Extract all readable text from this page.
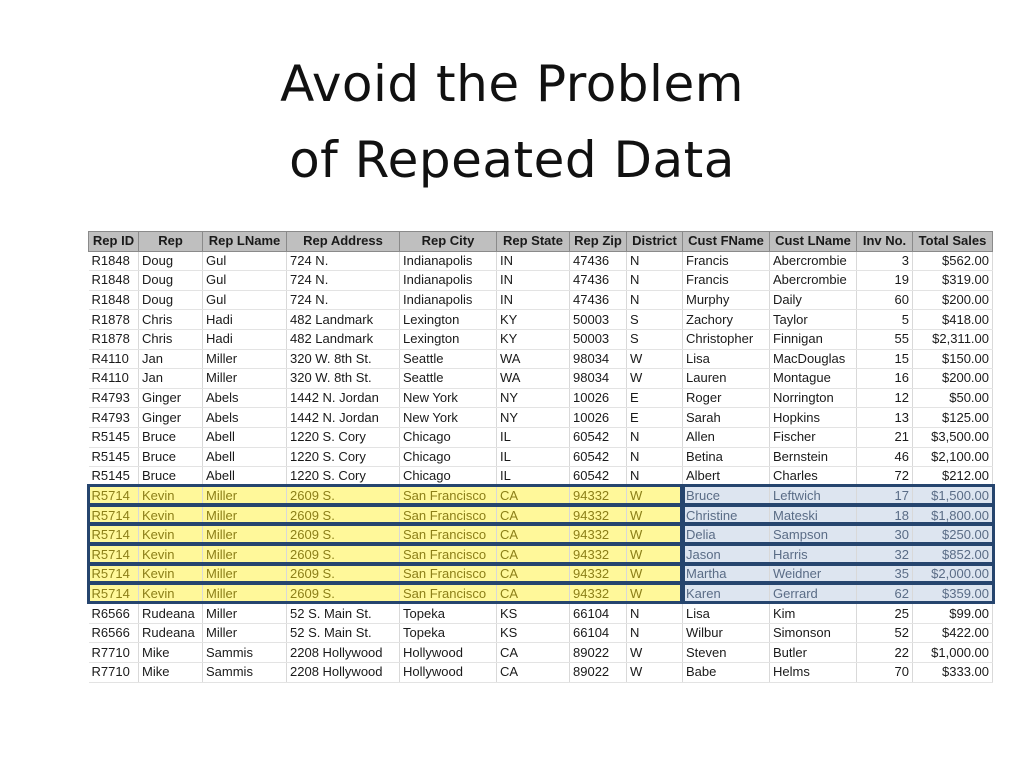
Avoid the Problem
of Repeated Data
Rep ID	Rep	Rep LName	Rep Address	Rep City	Rep State	Rep Zip	District	Cust FName	Cust LName	Inv No.	Total Sales
R1848	Doug	Gul	724 N.	Indianapolis	IN	47436	N	Francis	Abercrombie	3	$562.00
R1848	Doug	Gul	724 N.	Indianapolis	IN	47436	N	Francis	Abercrombie	19	$319.00
R1848	Doug	Gul	724 N.	Indianapolis	IN	47436	N	Murphy	Daily	60	$200.00
R1878	Chris	Hadi	482 Landmark	Lexington	KY	50003	S	Zachory	Taylor	5	$418.00
R1878	Chris	Hadi	482 Landmark	Lexington	KY	50003	S	Christopher	Finnigan	55	$2,311.00
R4110	Jan	Miller	320 W. 8th St.	Seattle	WA	98034	W	Lisa	MacDouglas	15	$150.00
R4110	Jan	Miller	320 W. 8th St.	Seattle	WA	98034	W	Lauren	Montague	16	$200.00
R4793	Ginger	Abels	1442 N. Jordan	New York	NY	10026	E	Roger	Norrington	12	$50.00
R4793	Ginger	Abels	1442 N. Jordan	New York	NY	10026	E	Sarah	Hopkins	13	$125.00
R5145	Bruce	Abell	1220 S. Cory	Chicago	IL	60542	N	Allen	Fischer	21	$3,500.00
R5145	Bruce	Abell	1220 S. Cory	Chicago	IL	60542	N	Betina	Bernstein	46	$2,100.00
R5145	Bruce	Abell	1220 S. Cory	Chicago	IL	60542	N	Albert	Charles	72	$212.00
R5714	Kevin	Miller	2609 S.	San Francisco	CA	94332	W	Bruce	Leftwich	17	$1,500.00
R5714	Kevin	Miller	2609 S.	San Francisco	CA	94332	W	Christine	Mateski	18	$1,800.00
R5714	Kevin	Miller	2609 S.	San Francisco	CA	94332	W	Delia	Sampson	30	$250.00
R5714	Kevin	Miller	2609 S.	San Francisco	CA	94332	W	Jason	Harris	32	$852.00
R5714	Kevin	Miller	2609 S.	San Francisco	CA	94332	W	Martha	Weidner	35	$2,000.00
R5714	Kevin	Miller	2609 S.	San Francisco	CA	94332	W	Karen	Gerrard	62	$359.00
R6566	Rudeana	Miller	52 S. Main St.	Topeka	KS	66104	N	Lisa	Kim	25	$99.00
R6566	Rudeana	Miller	52 S. Main St.	Topeka	KS	66104	N	Wilbur	Simonson	52	$422.00
R7710	Mike	Sammis	2208 Hollywood	Hollywood	CA	89022	W	Steven	Butler	22	$1,000.00
R7710	Mike	Sammis	2208 Hollywood	Hollywood	CA	89022	W	Babe	Helms	70	$333.00
